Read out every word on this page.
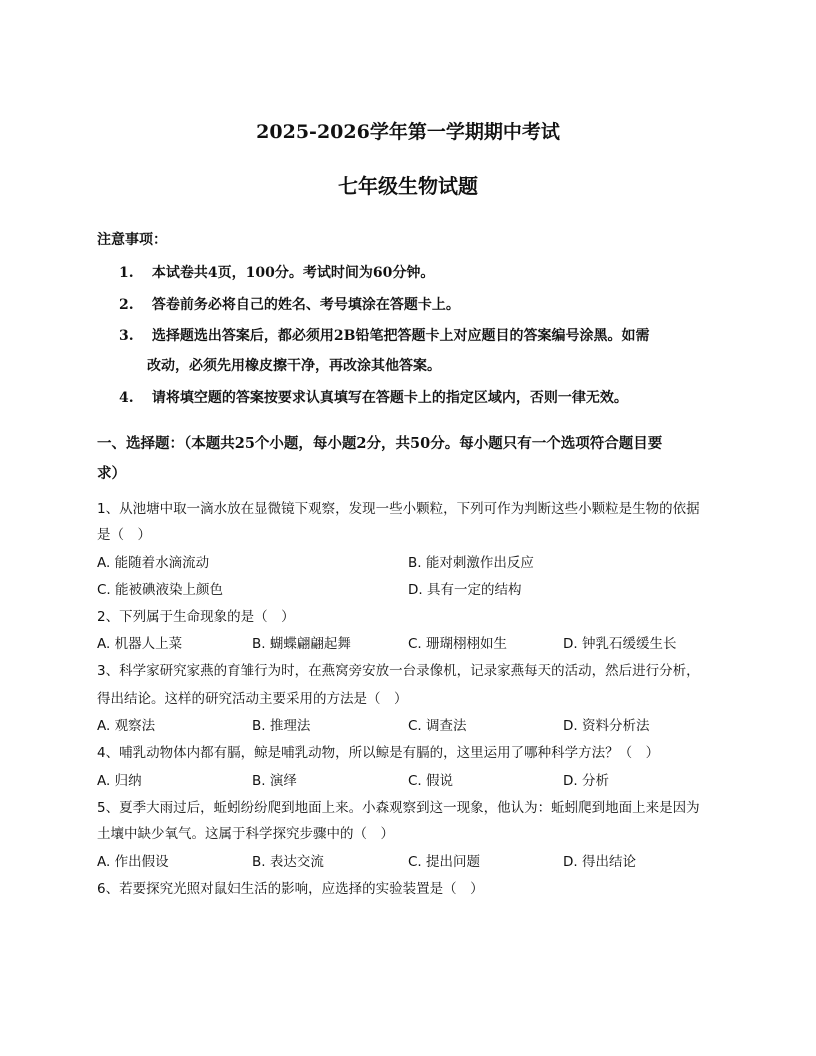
2025-2026学年第一学期期中考试
七年级生物试题
注意事项：
1. 本试卷共4页，100分。考试时间为60分钟。
2. 答卷前务必将自己的姓名、考号填涂在答题卡上。
3. 选择题选出答案后，都必须用2B铅笔把答题卡上对应题目的答案编号涂黑。如需
改动，必须先用橡皮擦干净，再改涂其他答案。
4. 请将填空题的答案按要求认真填写在答题卡上的指定区域内，否则一律无效。
一、选择题：（本题共25个小题，每小题2分，共50分。每小题只有一个选项符合题目要
求）
1、从池塘中取一滴水放在显微镜下观察，发现一些小颗粒，下列可作为判断这些小颗粒是生物的依据
是（　）
A. 能随着水滴流动	B. 能对刺激作出反应
C. 能被碘液染上颜色	D. 具有一定的结构
2、下列属于生命现象的是（　）
A. 机器人上菜	B. 蝴蝶翩翩起舞	C. 珊瑚栩栩如生	D. 钟乳石缓缓生长
3、科学家研究家燕的育雏行为时，在燕窝旁安放一台录像机，记录家燕每天的活动，然后进行分析，
得出结论。这样的研究活动主要采用的方法是（　）
A. 观察法	B. 推理法	C. 调查法	D. 资料分析法
4、哺乳动物体内都有膈，鲸是哺乳动物，所以鲸是有膈的，这里运用了哪种科学方法？（　）
A. 归纳	B. 演绎	C. 假说	D. 分析
5、夏季大雨过后，蚯蚓纷纷爬到地面上来。小森观察到这一现象，他认为：蚯蚓爬到地面上来是因为
土壤中缺少氧气。这属于科学探究步骤中的（　）
A. 作出假设	B. 表达交流	C. 提出问题	D. 得出结论
6、若要探究光照对鼠妇生活的影响，应选择的实验装置是（　）
